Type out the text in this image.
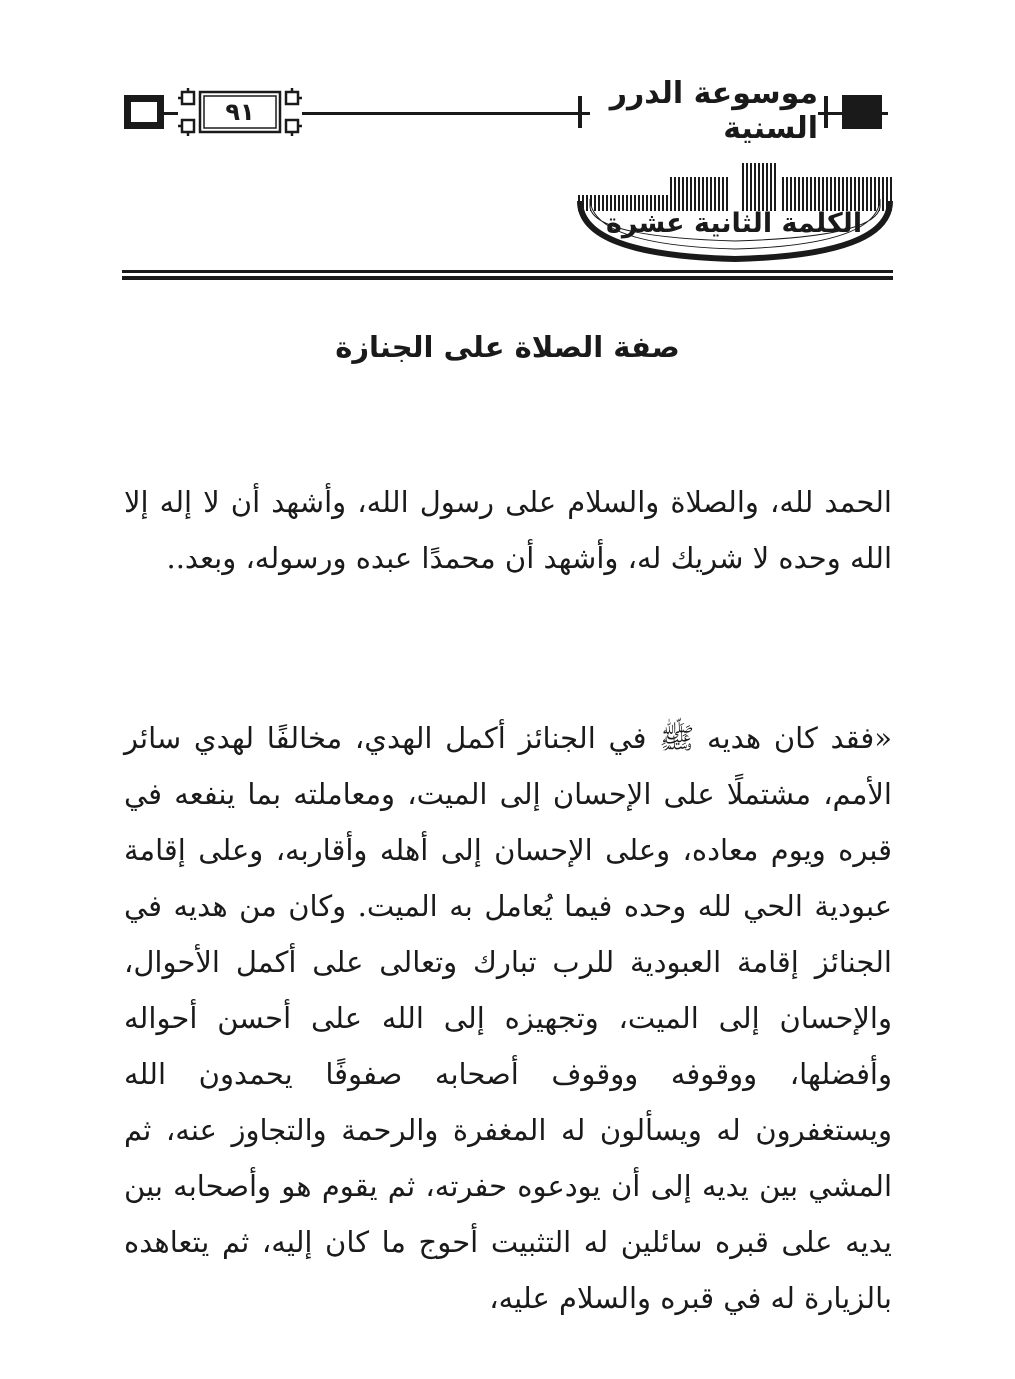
موسوعة الدرر السنية
٩١
الكلمة الثانية عشرة
صفة الصلاة على الجنازة
الحمد لله، والصلاة والسلام على رسول الله، وأشهد أن لا إله إلا الله وحده لا شريك له، وأشهد أن محمدًا عبده ورسوله، وبعد..
«فقد كان هديه ﷺ في الجنائز أكمل الهدي، مخالفًا لهدي سائر الأمم، مشتملًا على الإحسان إلى الميت، ومعاملته بما ينفعه في قبره ويوم معاده، وعلى الإحسان إلى أهله وأقاربه، وعلى إقامة عبودية الحي لله وحده فيما يُعامل به الميت. وكان من هديه في الجنائز إقامة العبودية للرب تبارك وتعالى على أكمل الأحوال، والإحسان إلى الميت، وتجهيزه إلى الله على أحسن أحواله وأفضلها، ووقوفه ووقوف أصحابه صفوفًا يحمدون الله ويستغفرون له ويسألون له المغفرة والرحمة والتجاوز عنه، ثم المشي بين يديه إلى أن يودعوه حفرته، ثم يقوم هو وأصحابه بين يديه على قبره سائلين له التثبيت أحوج ما كان إليه، ثم يتعاهده بالزيارة له في قبره والسلام عليه،
